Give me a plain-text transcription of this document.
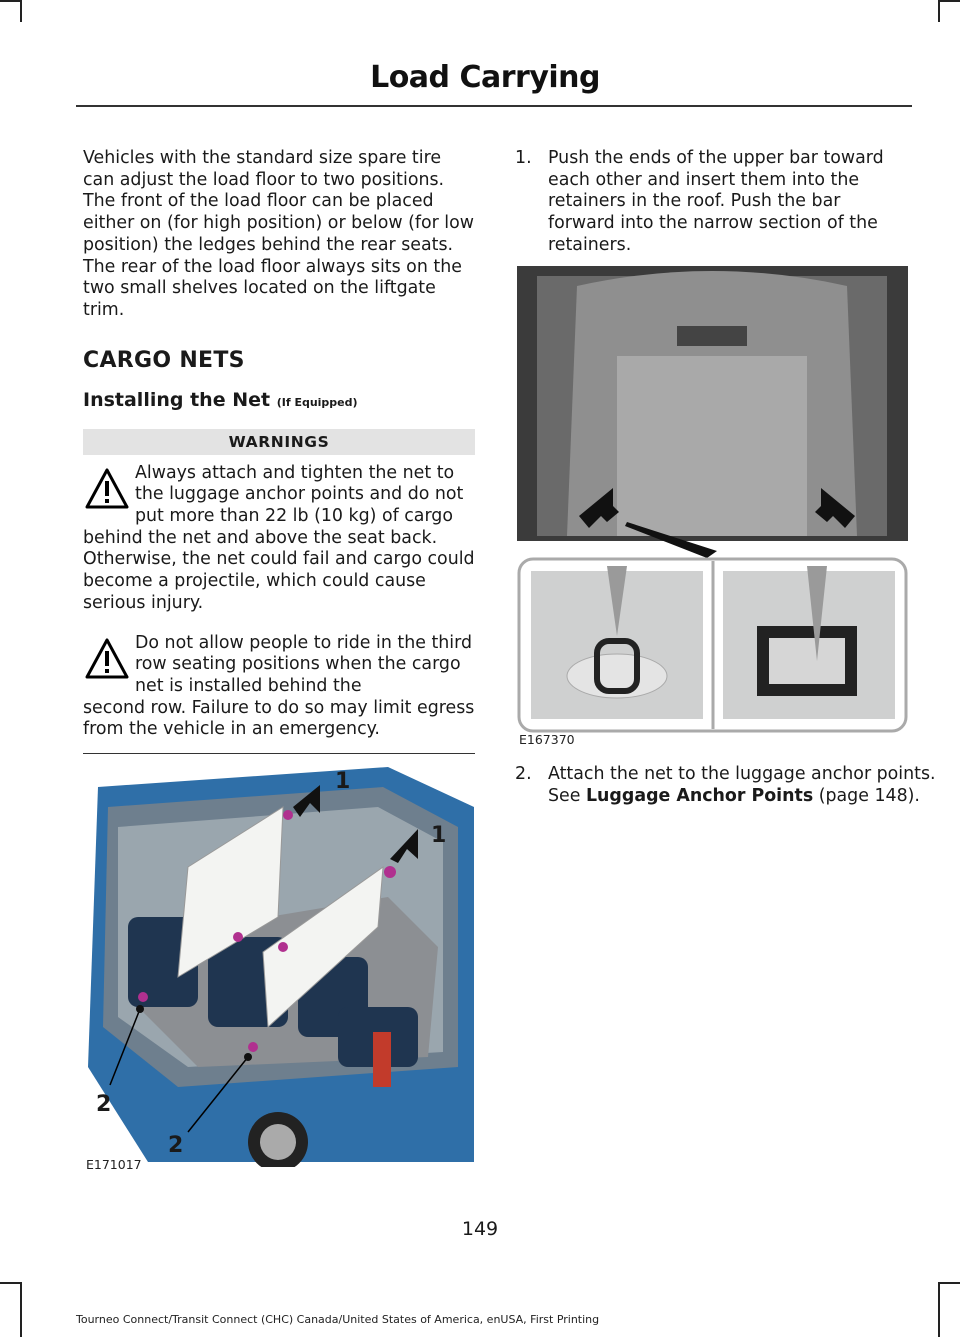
Load Carrying

Vehicles with the standard size spare tire can adjust the load floor to two positions. The front of the load floor can be placed either on (for high position) or below (for low position) the ledges behind the rear seats. The rear of the load floor always sits on the two small shelves located on the liftgate trim.

CARGO NETS
Installing the Net (If Equipped)
WARNINGS

Always attach and tighten the net to the luggage anchor points and do not put more than 22 lb (10 kg) of cargo
behind the net and above the seat back. Otherwise, the net could fail and cargo could become a projectile, which could cause serious injury.

Do not allow people to ride in the third row seating positions when the cargo net is installed behind the
second row. Failure to do so may limit egress from the vehicle in an emergency.

1
1
2
2
E171017
1. Push the ends of the upper bar toward each other and insert them into the retainers in the roof. Push the bar forward into the narrow section of the retainers.
E167370
2. Attach the net to the luggage anchor points. See Luggage Anchor Points (page 148).
149
Tourneo Connect/Transit Connect (CHC) Canada/United States of America, enUSA, First Printing
